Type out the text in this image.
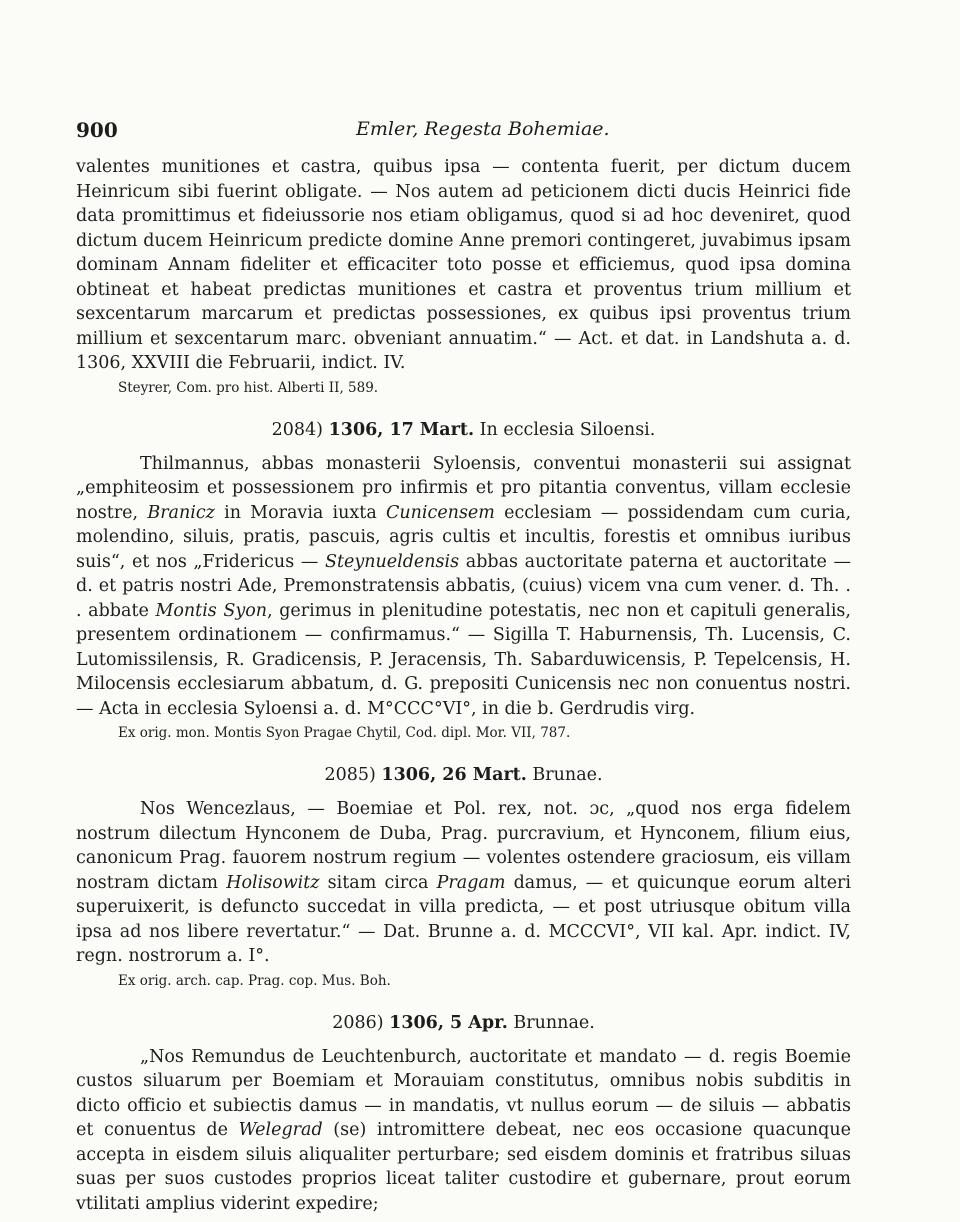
900	Emler, Regesta Bohemiae.

valentes munitiones et castra, quibus ipsa — contenta fuerit, per dictum ducem Heinricum sibi fuerint obligate. — Nos autem ad peticionem dicti ducis Heinrici fide data promittimus et fideiussorie nos etiam obligamus, quod si ad hoc deveniret, quod dictum ducem Heinricum predicte domine Anne premori contingeret, juvabimus ipsam dominam Annam fideliter et efficaciter toto posse et efficiemus, quod ipsa domina obtineat et habeat predictas munitiones et castra et proventus trium millium et sexcentarum marcarum et predictas possessiones, ex quibus ipsi proventus trium millium et sexcentarum marc. obveniant annuatim.“ — Act. et dat. in Landshuta a. d. 1306, XXVIII die Februarii, indict. IV.

Steyrer, Com. pro hist. Alberti II, 589.
2084) 1306, 17 Mart. In ecclesia Siloensi.

Thilmannus, abbas monasterii Syloensis, conventui monasterii sui assignat „emphiteosim et possessionem pro infirmis et pro pitantia conventus, villam ecclesie nostre, Branicz in Moravia iuxta Cunicensem ecclesiam — possidendam cum curia, molendino, siluis, pratis, pascuis, agris cultis et incultis, forestis et omnibus iuribus suis“, et nos „Fridericus — Steynueldensis abbas auctoritate paterna et auctoritate — d. et patris nostri Ade, Premonstratensis abbatis, (cuius) vicem vna cum vener. d. Th. . . abbate Montis Syon, gerimus in plenitudine potestatis, nec non et capituli generalis, presentem ordinationem — confirmamus.“ — Sigilla T. Haburnensis, Th. Lucensis, C. Lutomissilensis, R. Gradicensis, P. Jeracensis, Th. Sabarduwicensis, P. Tepelcensis, H. Milocensis ecclesiarum abbatum, d. G. prepositi Cunicensis nec non conuentus nostri. — Acta in ecclesia Syloensi a. d. M°CCC°VI°, in die b. Gerdrudis virg.

Ex orig. mon. Montis Syon Pragae Chytil, Cod. dipl. Mor. VII, 787.
2085) 1306, 26 Mart. Brunae.

Nos Wencezlaus, — Boemiae et Pol. rex, not. ɔc, „quod nos erga fidelem nostrum dilectum Hynconem de Duba, Prag. purcravium, et Hynconem, filium eius, canonicum Prag. fauorem nostrum regium — volentes ostendere graciosum, eis villam nostram dictam Holisowitz sitam circa Pragam damus, — et quicunque eorum alteri superuixerit, is defuncto succedat in villa predicta, — et post utriusque obitum villa ipsa ad nos libere revertatur.“ — Dat. Brunne a. d. MCCCVI°, VII kal. Apr. indict. IV, regn. nostrorum a. I°.

Ex orig. arch. cap. Prag. cop. Mus. Boh.
2086) 1306, 5 Apr. Brunnae.

„Nos Remundus de Leuchtenburch, auctoritate et mandato — d. regis Boemie custos siluarum per Boemiam et Morauiam constitutus, omnibus nobis subditis in dicto officio et subiectis damus — in mandatis, vt nullus eorum — de siluis — abbatis et conuentus de Welegrad (se) intromittere debeat, nec eos occasione quacunque accepta in eisdem siluis aliqualiter perturbare; sed eisdem dominis et fratribus siluas suas per suos custodes proprios liceat taliter custodire et gubernare, prout eorum vtilitati amplius viderint expedire;
